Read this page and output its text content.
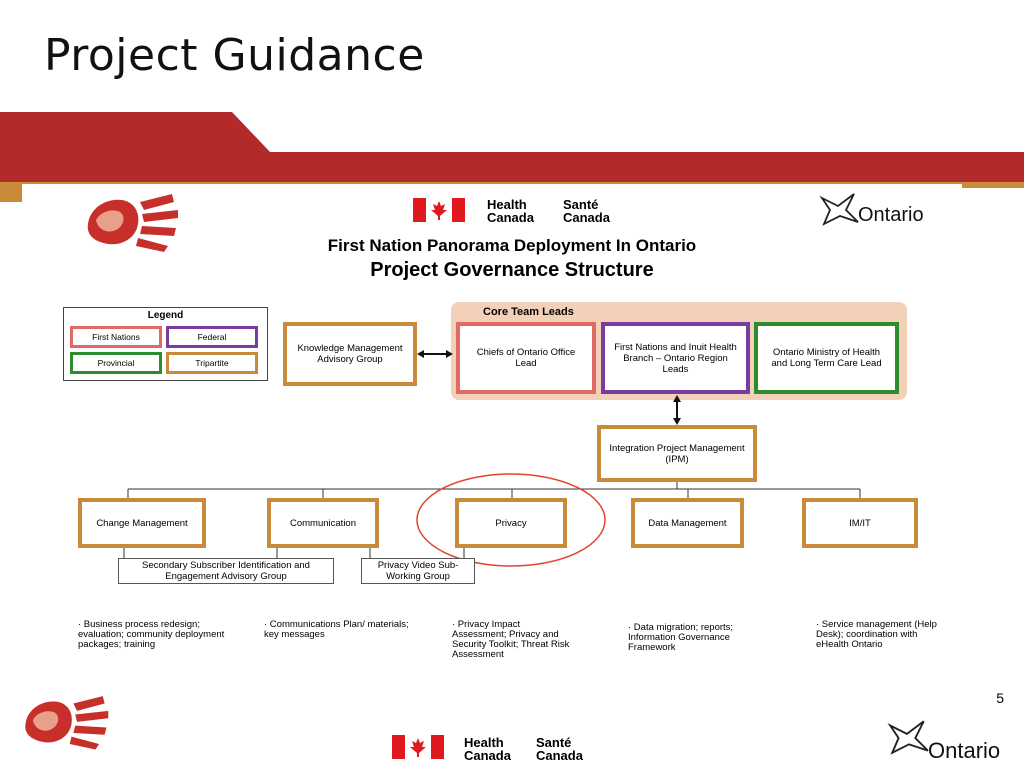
Project Guidance
Health
Canada
Santé
Canada	Ontario
First Nation Panorama Deployment In Ontario
Project Governance Structure
Legend
First Nations	Federal
Provincial	Tripartite
Core Team Leads
Knowledge Management Advisory Group
Chiefs of Ontario Office Lead
First Nations and Inuit Health Branch – Ontario Region Leads
Ontario Ministry of Health and Long Term Care Lead
Integration Project Management (IPM)
Change Management	Communication	Privacy	Data Management	IM/IT
Secondary Subscriber Identification and Engagement Advisory Group
Privacy Video Sub-Working Group
· Business process redesign; evaluation; community deployment packages; training
· Communications Plan/ materials; key messages
· Privacy Impact Assessment; Privacy and Security Toolkit; Threat Risk Assessment
· Data migration; reports; Information Governance Framework
· Service management (Help Desk); coordination with eHealth Ontario
5
Health
Canada
Santé
Canada	Ontario
